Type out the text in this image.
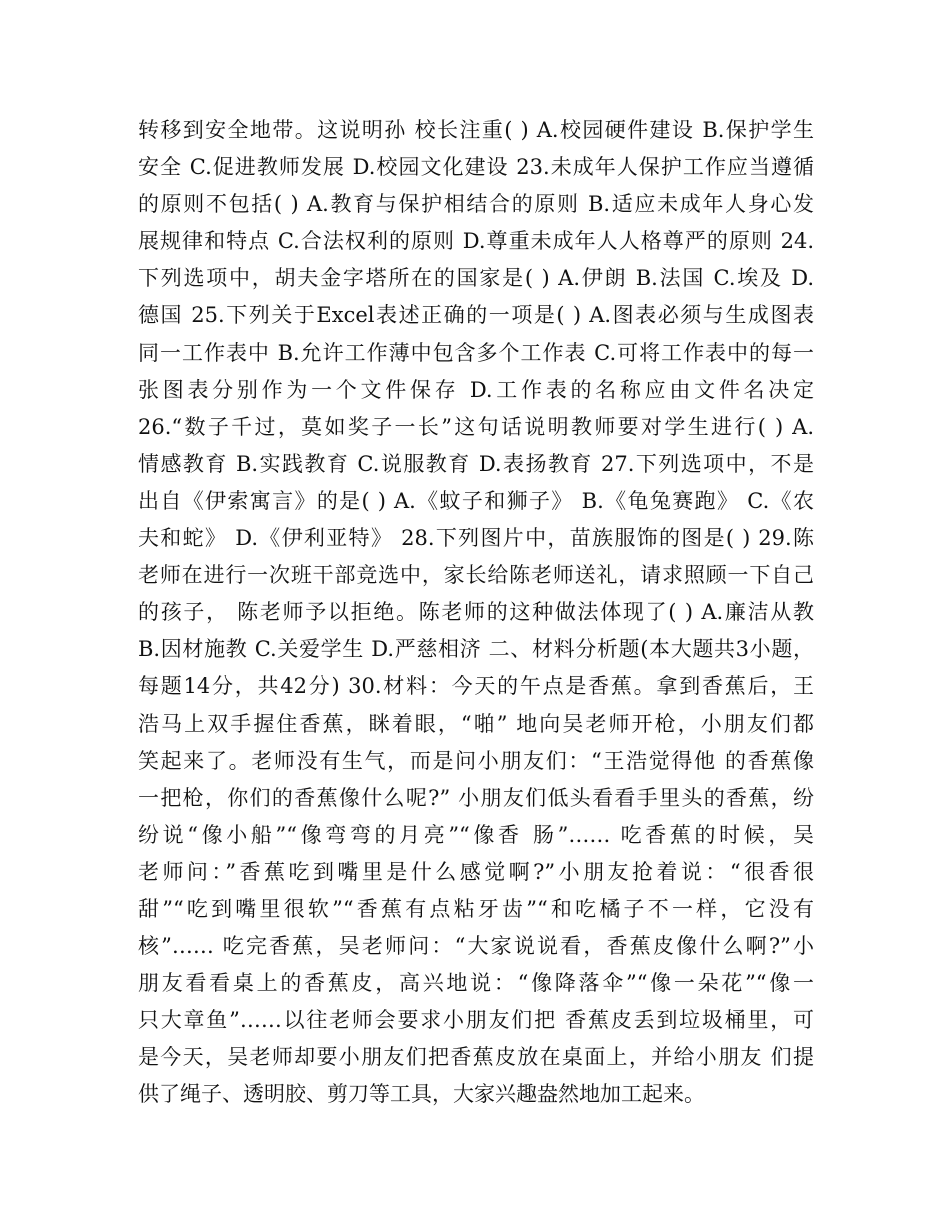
转移到安全地带。这说明孙 校长注重( ) A.校园硬件建设 B.保护学生
安全 C.促进教师发展 D.校园文化建设 23.未成年人保护工作应当遵循
的原则不包括( ) A.教育与保护相结合的原则 B.适应未成年人身心发
展规律和特点 C.合法权利的原则 D.尊重未成年人人格尊严的原则 24.
下列选项中，胡夫金字塔所在的国家是( ) A.伊朗 B.法国 C.埃及 D.
德国 25.下列关于Excel表述正确的一项是( ) A.图表必须与生成图表
同一工作表中 B.允许工作薄中包含多个工作表 C.可将工作表中的每一
张图表分别作为一个文件保存 D.工作表的名称应由文件名决定
26.“数子千过，莫如奖子一长”这句话说明教师要对学生进行( ) A.
情感教育 B.实践教育 C.说服教育 D.表扬教育 27.下列选项中，不是
出自《伊索寓言》的是( ) A.《蚊子和狮子》 B.《龟兔赛跑》 C.《农
夫和蛇》 D.《伊利亚特》 28.下列图片中，苗族服饰的图是( ) 29.陈
老师在进行一次班干部竞选中，家长给陈老师送礼，请求照顾一下自己
的孩子， 陈老师予以拒绝。陈老师的这种做法体现了( ) A.廉洁从教
B.因材施教 C.关爱学生 D.严慈相济 二、材料分析题(本大题共3小题，
每题14分，共42分) 30.材料：今天的午点是香蕉。拿到香蕉后，王
浩马上双手握住香蕉，眯着眼，“啪” 地向吴老师开枪，小朋友们都
笑起来了。老师没有生气，而是问小朋友们：“王浩觉得他 的香蕉像
一把枪，你们的香蕉像什么呢?” 小朋友们低头看看手里头的香蕉，纷
纷说“像小船”“像弯弯的月亮”“像香 肠”…… 吃香蕉的时候，吴
老师问：”香蕉吃到嘴里是什么感觉啊?”小朋友抢着说：“很香很
甜”“吃到嘴里很软”“香蕉有点粘牙齿”“和吃橘子不一样，它没有
核”…… 吃完香蕉，吴老师问：“大家说说看，香蕉皮像什么啊?”小
朋友看看桌上的香蕉皮，高兴地说：“像降落伞”“像一朵花”“像一
只大章鱼”……以往老师会要求小朋友们把 香蕉皮丢到垃圾桶里，可
是今天，吴老师却要小朋友们把香蕉皮放在桌面上，并给小朋友 们提
供了绳子、透明胶、剪刀等工具，大家兴趣盎然地加工起来。
